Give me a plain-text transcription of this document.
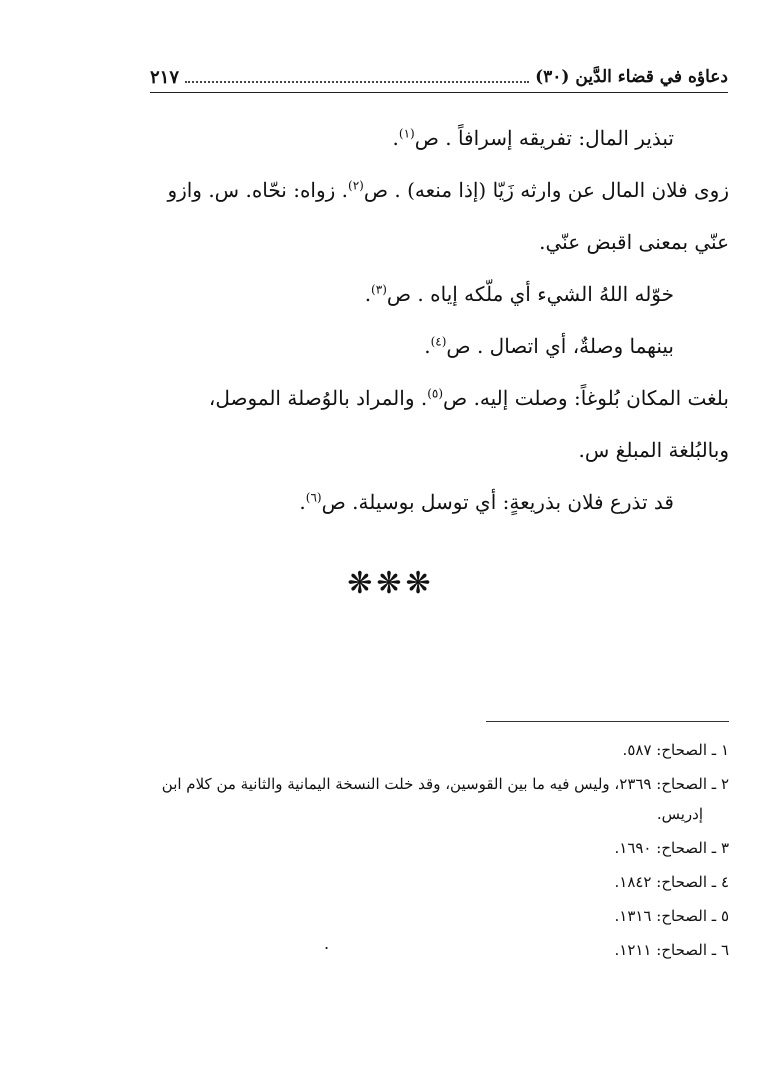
دعاؤه في قضاء الدَّين (٣٠)
٢١٧

تبذير المال: تفريقه إسرافاً . ص$^{(١)}$.

زوى فلان المال عن وارثه زَيّا (إذا منعه) . ص$^{(٢)}$. زواه: نحّاه. س. وازو

عنّي بمعنى اقبض عنّي.

خوّله اللهُ الشيء أي ملّكه إياه . ص$^{(٣)}$.

بينهما وصلةٌ، أي اتصال . ص$^{(٤)}$.

بلغت المكان بُلوغاً: وصلت إليه. ص$^{(٥)}$. والمراد بالوُصلة الموصل،

وبالبُلغة المبلغ س.

قد تذرع فلان بذريعةٍ: أي توسل بوسيلة. ص$^{(٦)}$.

❋❋❋

١ ـ الصحاح: ٥٨٧.

٢ ـ الصحاح: ٢٣٦٩، وليس فيه ما بين القوسين، وقد خلت النسخة اليمانية والثانية من كلام ابن
إدريس.

٣ ـ الصحاح: ١٦٩٠.

٤ ـ الصحاح: ١٨٤٢.

٥ ـ الصحاح: ١٣١٦.

٦ ـ الصحاح: ١٢١١.

.
